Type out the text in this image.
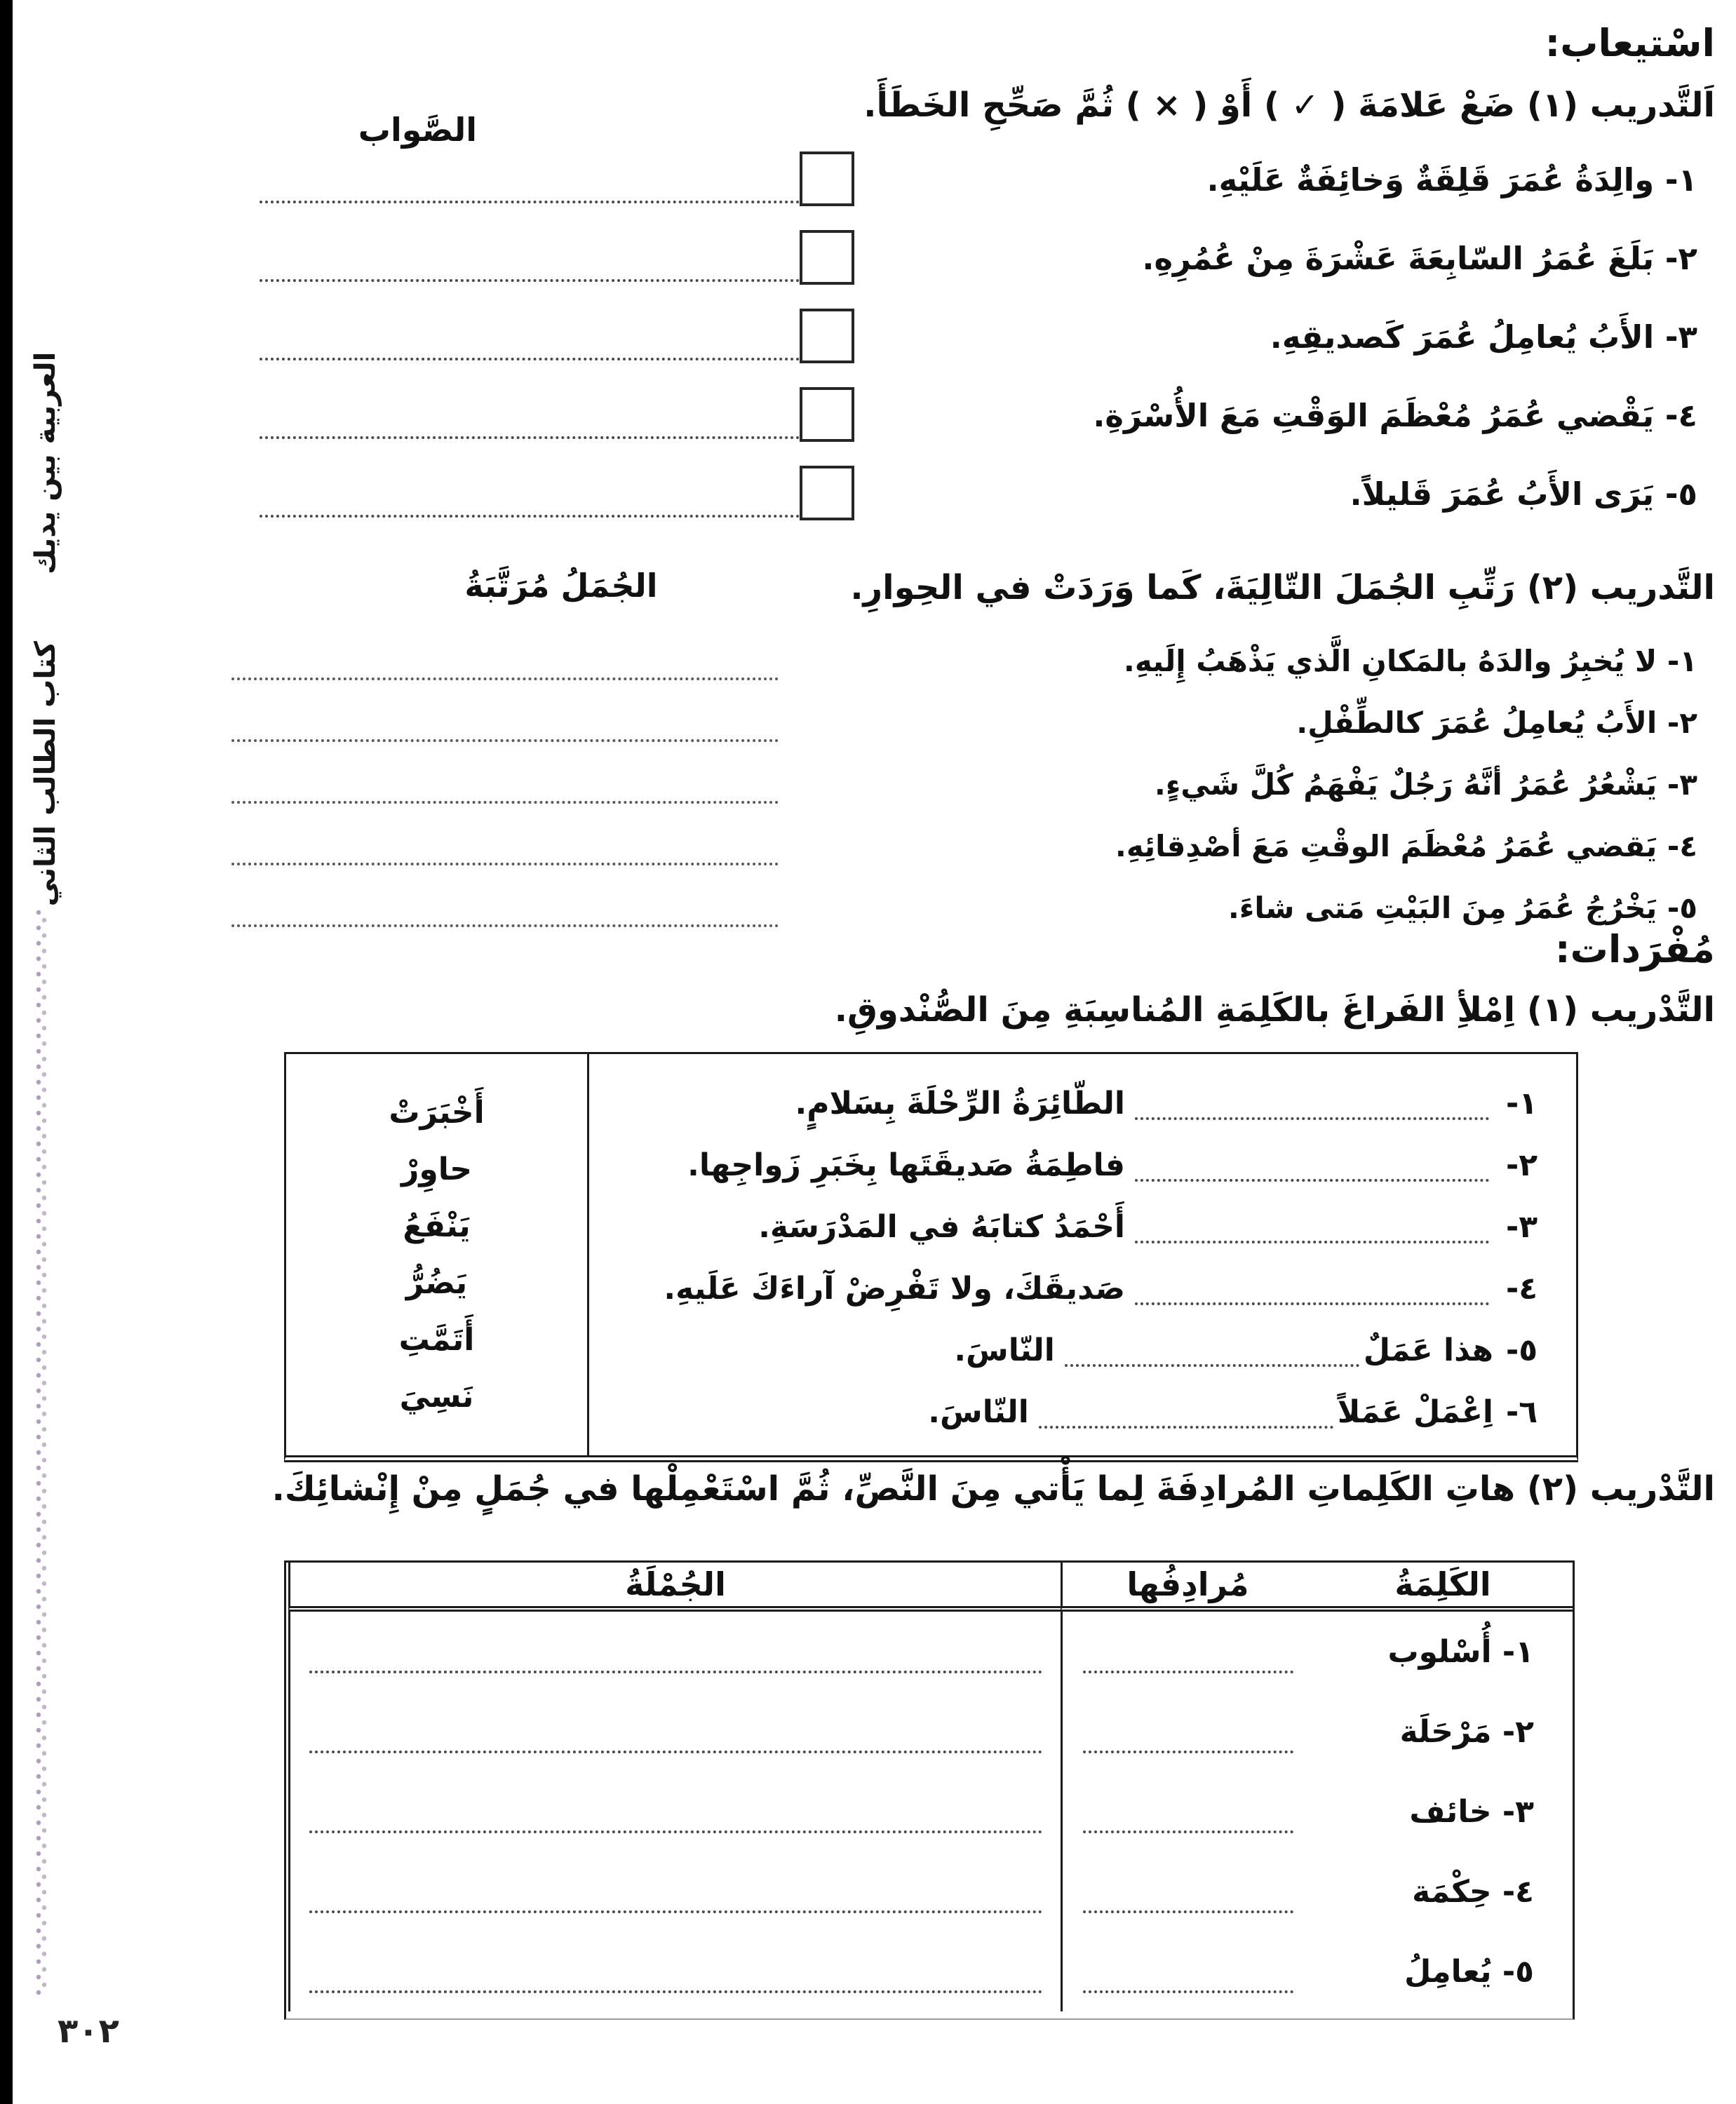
العربية بين يديك
كتاب الطالب الثاني
٣٠٢
اسْتيعاب:
اَلتَّدريب (١) ضَعْ عَلامَةَ ( ✓ ) أَوْ ( × ) ثُمَّ صَحِّحِ الخَطَأَ.
الصَّواب
١- والِدَةُ عُمَرَ قَلِقَةٌ وَخائِفَةٌ عَلَيْهِ.
٢- بَلَغَ عُمَرُ السّابِعَةَ عَشْرَةَ مِنْ عُمُرِهِ.
٣- الأَبُ يُعامِلُ عُمَرَ كَصديقِهِ.
٤- يَقْضي عُمَرُ مُعْظَمَ الوَقْتِ مَعَ الأُسْرَةِ.
٥- يَرَى الأَبُ عُمَرَ قَليلاً.
التَّدريب (٢) رَتِّبِ الجُمَلَ التّالِيَةَ، كَما وَرَدَتْ في الحِوارِ.
الجُمَلُ مُرَتَّبَةُ
١- لا يُخبِرُ والدَهُ بالمَكانِ الَّذي يَذْهَبُ إِلَيهِ.
٢- الأَبُ يُعامِلُ عُمَرَ كالطِّفْلِ.
٣- يَشْعُرُ عُمَرُ أنَّهُ رَجُلٌ يَفْهَمُ كُلَّ شَيءٍ.
٤- يَقضي عُمَرُ مُعْظَمَ الوقْتِ مَعَ أصْدِقائِهِ.
٥- يَخْرُجُ عُمَرُ مِنَ البَيْتِ مَتى شاءَ.
مُفْرَدات:
التَّدْريب (١) اِمْلأِ الفَراغَ بالكَلِمَةِ المُناسِبَةِ مِنَ الصُّنْدوقِ.
أَخْبَرَتْ
حاوِرْ
يَنْفَعُ
يَضُرُّ
أَتَمَّتِ
نَسِيَ
١-
الطّائِرَةُ الرِّحْلَةَ بِسَلامٍ.
٢-
فاطِمَةُ صَديقَتَها بِخَبَرِ زَواجِها.
٣-
أَحْمَدُ كتابَهُ في المَدْرَسَةِ.
٤-
صَديقَكَ، ولا تَفْرِضْ آراءَكَ عَلَيهِ.
٥-
هذا عَمَلٌ
النّاسَ.
٦-
اِعْمَلْ عَمَلاً
النّاسَ.
التَّدْريب (٢) هاتِ الكَلِماتِ المُرادِفَةَ لِما يَأْتي مِنَ النَّصِّ، ثُمَّ اسْتَعْمِلْها في جُمَلٍ مِنْ إِنْشائِكَ.
الكَلِمَةُ
مُرادِفُها
الجُمْلَةُ
١- أُسْلوب
٢- مَرْحَلَة
٣- خائف
٤- حِكْمَة
٥- يُعامِلُ
